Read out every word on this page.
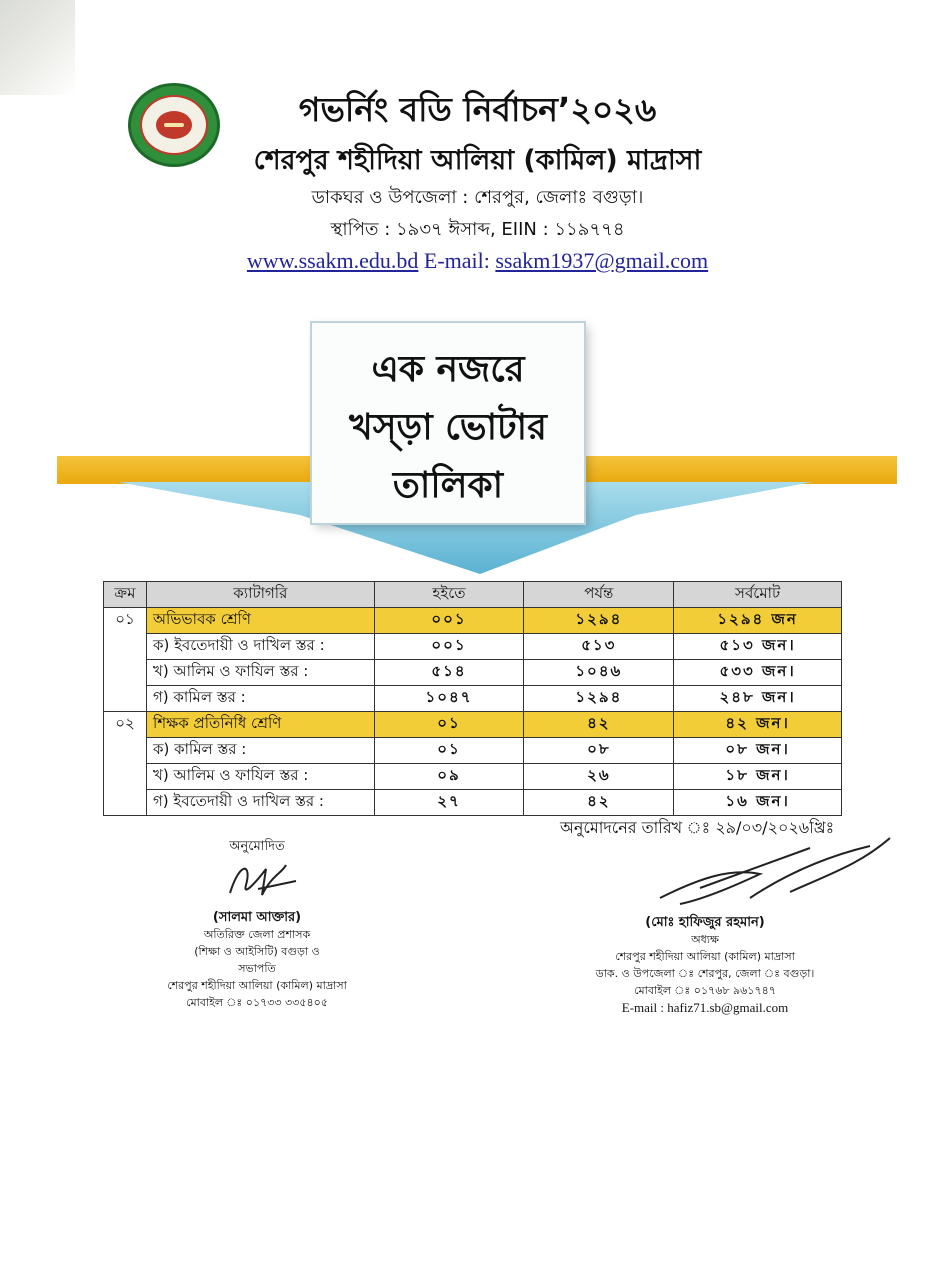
গভর্নিং বডি নির্বাচন’২০২৬
শেরপুর শহীদিয়া আলিয়া (কামিল) মাদ্রাসা
ডাকঘর ও উপজেলা : শেরপুর, জেলাঃ বগুড়া।
স্থাপিত : ১৯৩৭ ঈসাব্দ, EIIN : ১১৯৭৭৪
www.ssakm.edu.bd E-mail: ssakm1937@gmail.com
এক নজরে
খস্‌ড়া ভোটার
তালিকা
ক্রম	ক্যাটাগরি	হইতে	পর্যন্ত	সর্বমোট
০১	অভিভাবক শ্রেণি	০০১	১২৯৪	১২৯৪ জন
	ক) ইবতেদায়ী ও দাখিল স্তর :	০০১	৫১৩	৫১৩ জন।
	খ) আলিম ও ফাযিল স্তর :	৫১৪	১০৪৬	৫৩৩ জন।
	গ) কামিল স্তর :	১০৪৭	১২৯৪	২৪৮ জন।
০২	শিক্ষক প্রতিনিধি শ্রেণি	০১	৪২	৪২ জন।
	ক) কামিল স্তর :	০১	০৮	০৮ জন।
	খ) আলিম ও ফাযিল স্তর :	০৯	২৬	১৮ জন।
	গ) ইবতেদায়ী ও দাখিল স্তর :	২৭	৪২	১৬ জন।
অনুমোদনের তারিখ ঃ ২৯/০৩/২০২৬খ্রিঃ
অনুমোদিত
(সালমা আক্তার)
অতিরিক্ত জেলা প্রশাসক
(শিক্ষা ও আইসিটি) বগুড়া ও
সভাপতি
শেরপুর শহীদিয়া আলিয়া (কামিল) মাদ্রাসা
মোবাইল ঃ ০১৭৩৩ ৩৩৫৪০৫
(মোঃ হাফিজুর রহমান)
অধ্যক্ষ
শেরপুর শহীদিয়া আলিয়া (কামিল) মাদ্রাসা
ডাক. ও উপজেলা ঃ শেরপুর, জেলা ঃ বগুড়া।
মোবাইল ঃ ০১৭৬৮ ৯৬১৭৪৭
E-mail : hafiz71.sb@gmail.com
